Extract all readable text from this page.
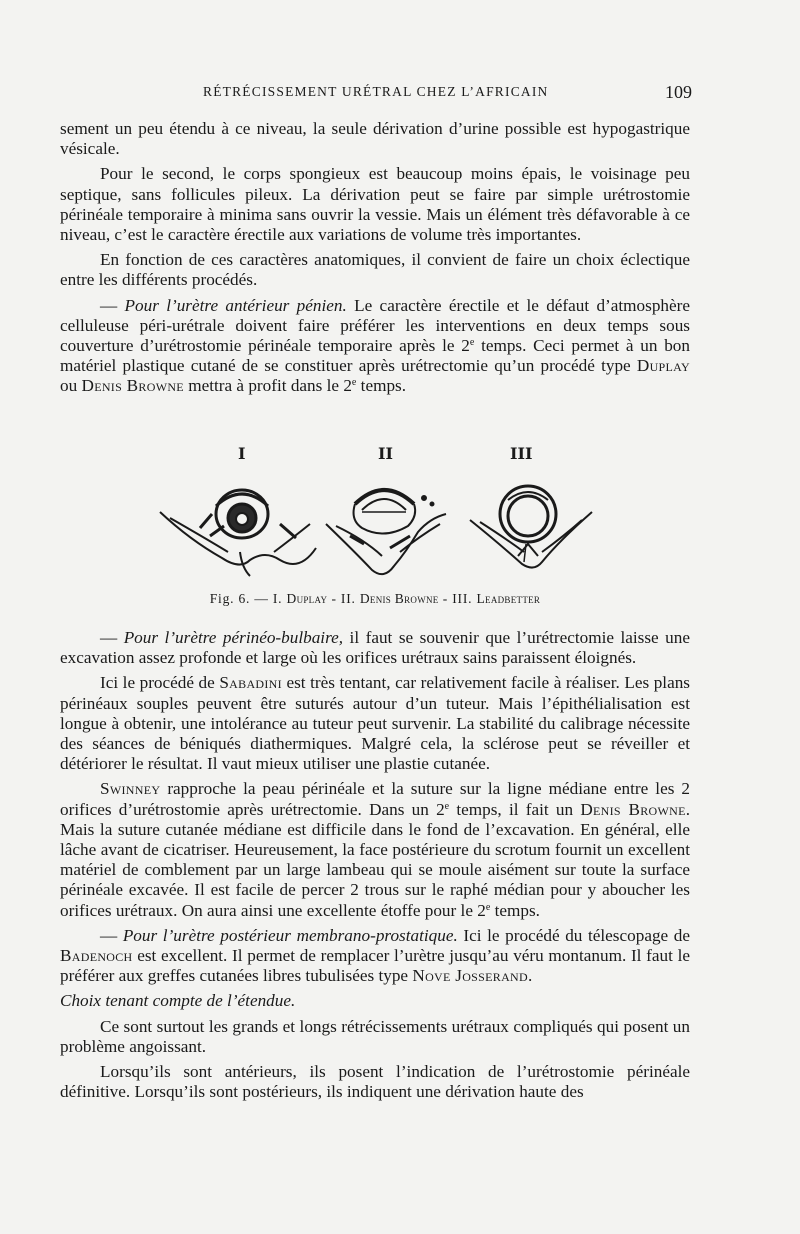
RÉTRÉCISSEMENT URÉTRAL CHEZ L’AFRICAIN	109

sement un peu étendu à ce niveau, la seule dérivation d’urine possible est hypogastrique vésicale.

Pour le second, le corps spongieux est beaucoup moins épais, le voisinage peu septique, sans follicules pileux. La dérivation peut se faire par simple urétrostomie périnéale temporaire à minima sans ouvrir la vessie. Mais un élément très défavorable à ce niveau, c’est le caractère érectile aux variations de volume très importantes.

En fonction de ces caractères anatomiques, il convient de faire un choix éclectique entre les différents procédés.

— Pour l’urètre antérieur pénien. Le caractère érectile et le défaut d’atmosphère celluleuse péri-urétrale doivent faire préférer les interventions en deux temps sous couverture d’urétrostomie périnéale temporaire après le 2e temps. Ceci permet à un bon matériel plastique cutané de se constituer après urétrectomie qu’un procédé type Duplay ou Denis Browne mettra à profit dans le 2e temps.

I	II	III
Fig. 6. — I. Duplay - II. Denis Browne - III. Leadbetter

— Pour l’urètre périnéo-bulbaire, il faut se souvenir que l’urétrectomie laisse une excavation assez profonde et large où les orifices urétraux sains paraissent éloignés.

Ici le procédé de Sabadini est très tentant, car relativement facile à réaliser. Les plans périnéaux souples peuvent être suturés autour d’un tuteur. Mais l’épithélialisation est longue à obtenir, une intolérance au tuteur peut survenir. La stabilité du calibrage nécessite des séances de béniqués diathermiques. Malgré cela, la sclérose peut se réveiller et détériorer le résultat. Il vaut mieux utiliser une plastie cutanée.

Swinney rapproche la peau périnéale et la suture sur la ligne médiane entre les 2 orifices d’urétrostomie après urétrectomie. Dans un 2e temps, il fait un Denis Browne. Mais la suture cutanée médiane est difficile dans le fond de l’excavation. En général, elle lâche avant de cicatriser. Heureusement, la face postérieure du scrotum fournit un excellent matériel de comblement par un large lambeau qui se moule aisément sur toute la surface périnéale excavée. Il est facile de percer 2 trous sur le raphé médian pour y aboucher les orifices urétraux. On aura ainsi une excellente étoffe pour le 2e temps.

— Pour l’urètre postérieur membrano-prostatique. Ici le procédé du télescopage de Badenoch est excellent. Il permet de remplacer l’urètre jusqu’au véru montanum. Il faut le préférer aux greffes cutanées libres tubulisées type Nove Josserand.

Choix tenant compte de l’étendue.

Ce sont surtout les grands et longs rétrécissements urétraux compliqués qui posent un problème angoissant.

Lorsqu’ils sont antérieurs, ils posent l’indication de l’urétrostomie périnéale définitive. Lorsqu’ils sont postérieurs, ils indiquent une dérivation haute des
